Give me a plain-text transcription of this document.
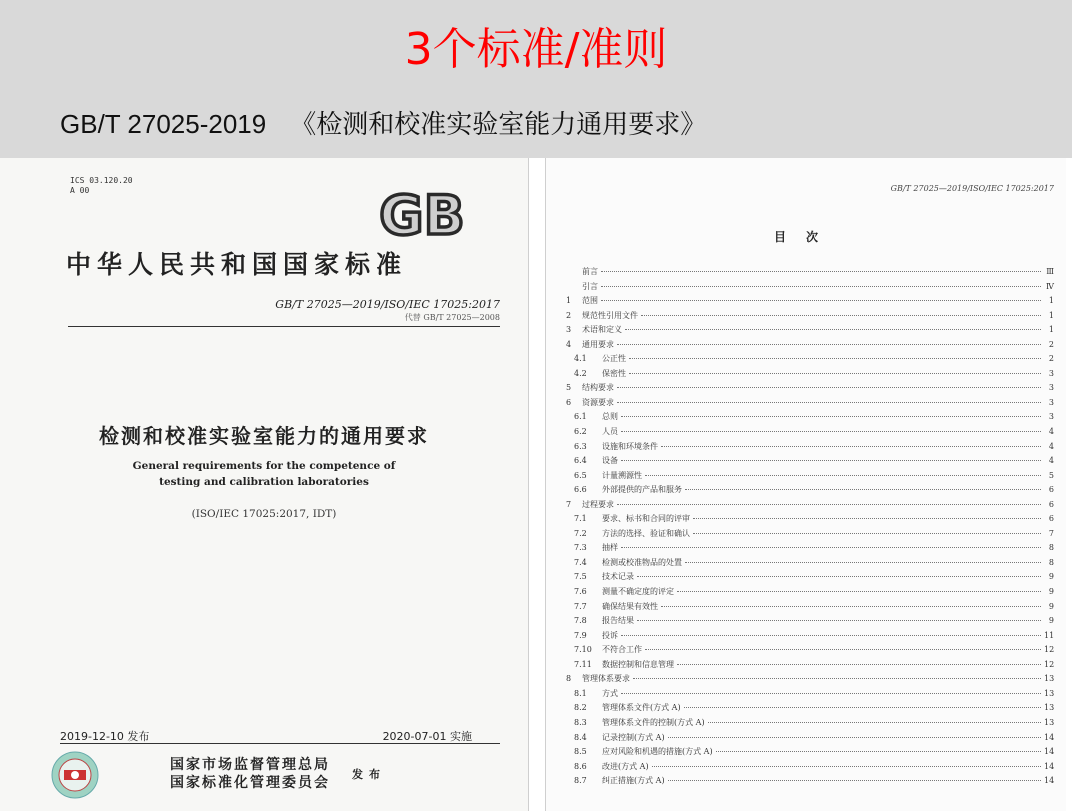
3个标准/准则
GB/T 27025-2019 《检测和校准实验室能力通用要求》
ICS 03.120.20
A 00	GB
中华人民共和国国家标准
GB/T 27025—2019/ISO/IEC 17025:2017
代替 GB/T 27025—2008
检测和校准实验室能力的通用要求
General requirements for the competence of
testing and calibration laboratories
(ISO/IEC 17025:2017, IDT)
2019-12-10 发布	2020-07-01 实施
国家市场监督管理总局
国家标准化管理委员会
发布
GB/T 27025—2019/ISO/IEC 17025:2017
目次
前言	Ⅲ
引言	Ⅳ
1	范围	1
2	规范性引用文件	1
3	术语和定义	1
4	通用要求	2
4.1	公正性	2
4.2	保密性	3
5	结构要求	3
6	资源要求	3
6.1	总则	3
6.2	人员	4
6.3	设施和环境条件	4
6.4	设备	4
6.5	计量溯源性	5
6.6	外部提供的产品和服务	6
7	过程要求	6
7.1	要求、标书和合同的评审	6
7.2	方法的选择、验证和确认	7
7.3	抽样	8
7.4	检测或校准物品的处置	8
7.5	技术记录	9
7.6	测量不确定度的评定	9
7.7	确保结果有效性	9
7.8	报告结果	9
7.9	投诉	11
7.10	不符合工作	12
7.11	数据控制和信息管理	12
8	管理体系要求	13
8.1	方式	13
8.2	管理体系文件(方式 A)	13
8.3	管理体系文件的控制(方式 A)	13
8.4	记录控制(方式 A)	14
8.5	应对风险和机遇的措施(方式 A)	14
8.6	改进(方式 A)	14
8.7	纠正措施(方式 A)	14
